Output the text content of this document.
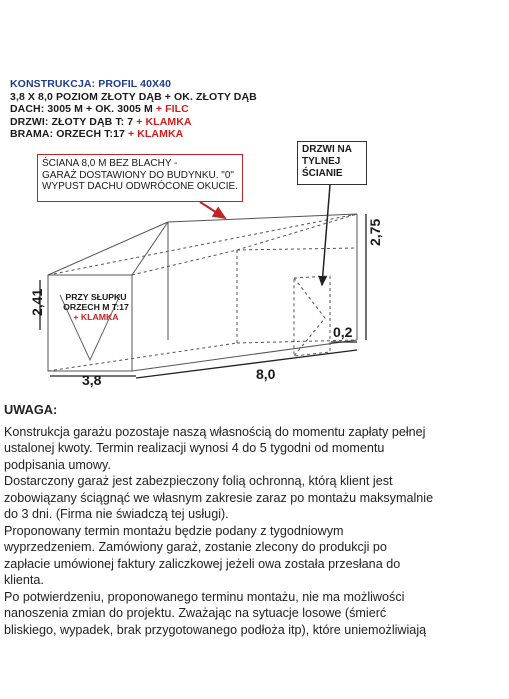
KONSTRUKCJA: PROFIL 40X40
3,8 X 8,0 POZIOM ZŁOTY DĄB + OK. ZŁOTY DĄB
DACH: 3005 M + OK. 3005 M + FILC
DRZWI: ZŁOTY DĄB T: 7 + KLAMKA
BRAMA: ORZECH T:17 + KLAMKA
ŚCIANA 8,0 M BEZ BLACHY -
GARAŻ DOSTAWIONY DO BUDYNKU. "0"
WYPUST DACHU ODWRÓCONE OKUCIE.
DRZWI NA
TYLNEJ
ŚCIANIE
PRZY SŁUPKU
ORZECH M T:17
+ KLAMKA
2,41
2,75
3,8	8,0
0,2
UWAGA:

Konstrukcja garażu pozostaje naszą własnością do momentu zapłaty pełnej

ustalonej kwoty. Termin realizacji wynosi 4 do 5 tygodni od momentu

podpisania umowy.

Dostarczony garaż jest zabezpieczony folią ochronną, którą klient jest

zobowiązany ściągnąć we własnym zakresie zaraz po montażu maksymalnie

do 3 dni. (Firma nie świadczą tej usługi).

Proponowany termin montażu będzie podany z tygodniowym

wyprzedzeniem. Zamówiony garaż, zostanie zlecony do produkcji po

zapłacie umówionej faktury zaliczkowej jeżeli owa została przesłana do

klienta.

Po potwierdzeniu, proponowanego terminu montażu, nie ma możliwości

nanoszenia zmian do projektu. Zważając na sytuacje losowe (śmierć

bliskiego, wypadek, brak przygotowanego podłoża itp), które uniemożliwiają
